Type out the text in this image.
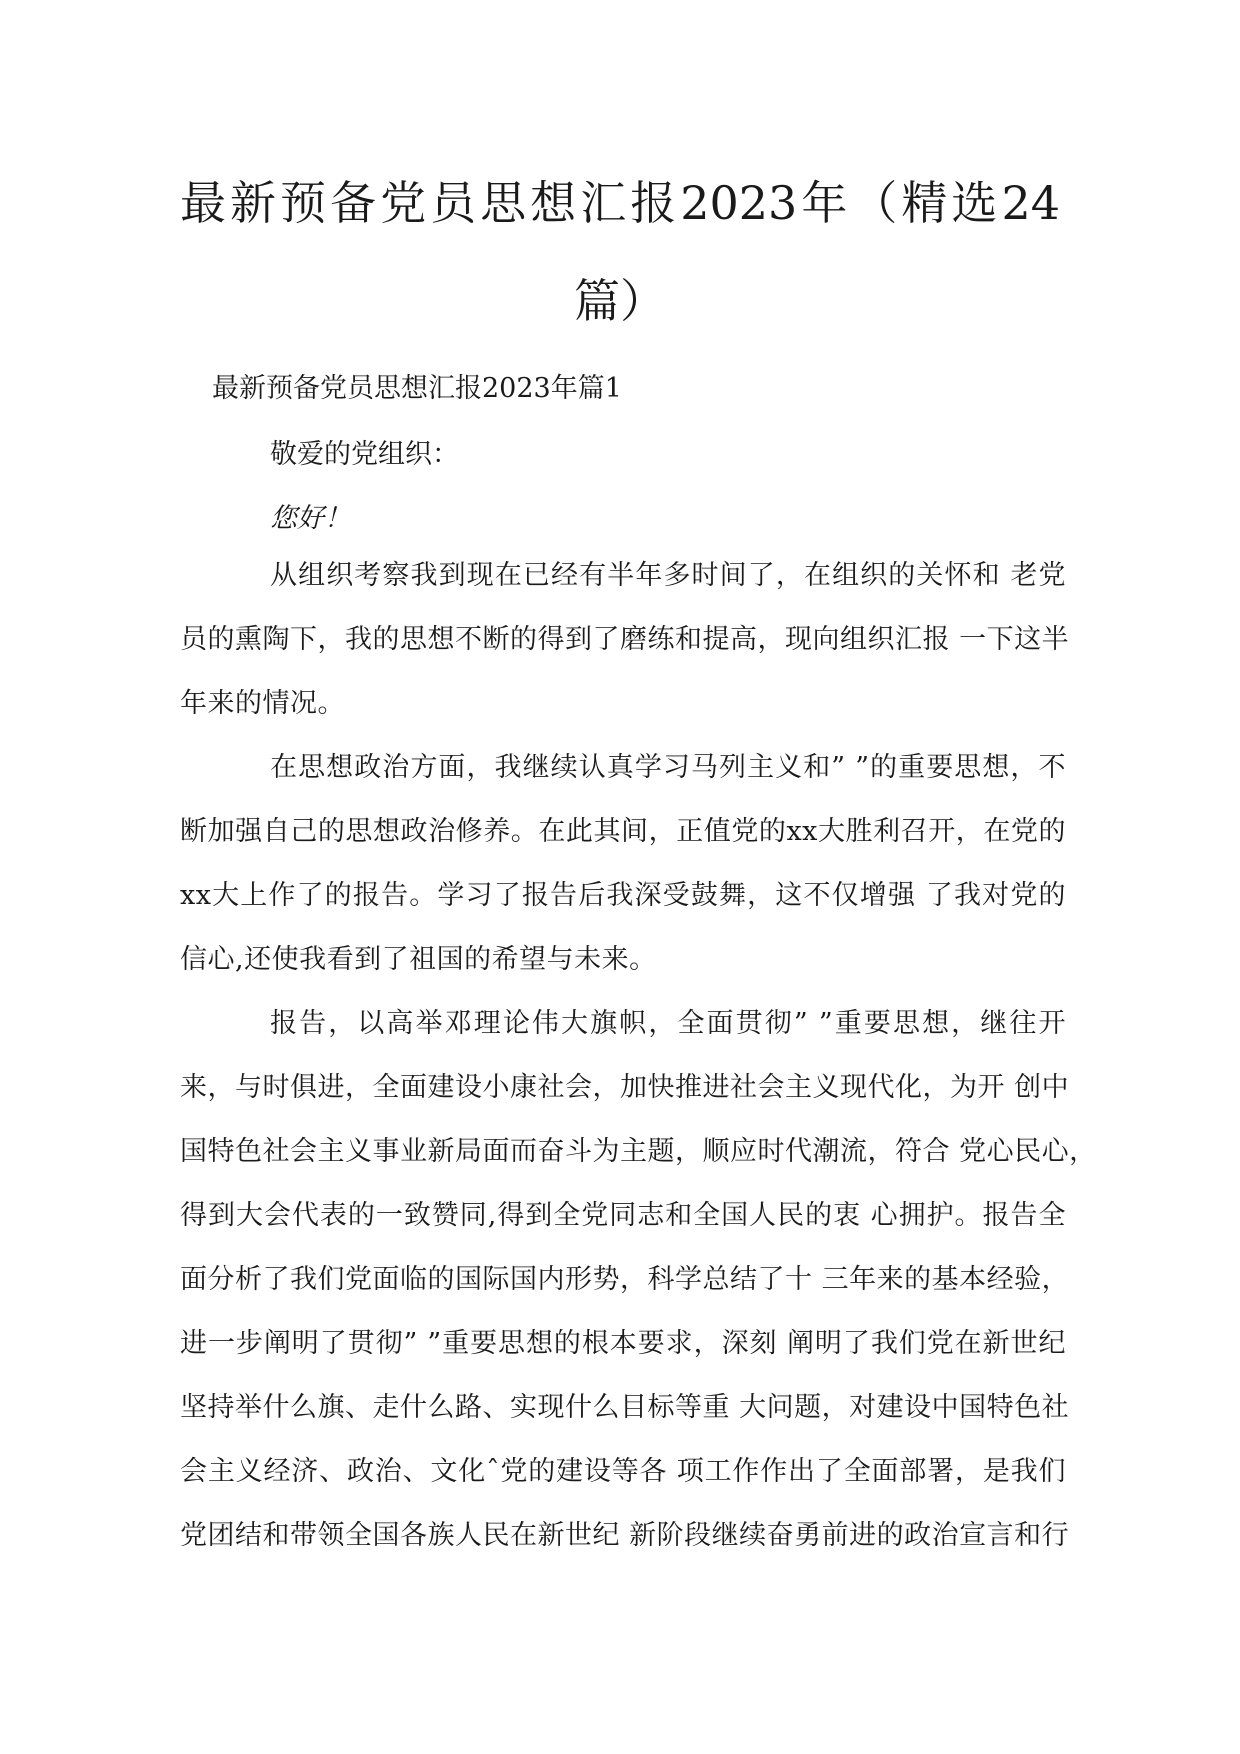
最新预备党员思想汇报2023年（精选24
篇）
最新预备党员思想汇报2023年篇1

敬爱的党组织：

您好！

从组织考察我到现在已经有半年多时间了，在组织的关怀和 老党

员的熏陶下，我的思想不断的得到了磨练和提高，现向组织汇报 一下这半

年来的情况。

在思想政治方面，我继续认真学习马列主义和” ”的重要思想，不

断加强自己的思想政治修养。在此其间，正值党的xx大胜利召开，在党的

xx大上作了的报告。学习了报告后我深受鼓舞，这不仅增强 了我对党的

信心,还使我看到了祖国的希望与未来。

报告，以高举邓理论伟大旗帜，全面贯彻” ”重要思想，继往开

来，与时俱进，全面建设小康社会，加快推进社会主义现代化，为开 创中

国特色社会主义事业新局面而奋斗为主题，顺应时代潮流，符合 党心民心，

得到大会代表的一致赞同,得到全党同志和全国人民的衷 心拥护。报告全

面分析了我们党面临的国际国内形势，科学总结了十 三年来的基本经验，

进一步阐明了贯彻” ”重要思想的根本要求，深刻 阐明了我们党在新世纪

坚持举什么旗、走什么路、实现什么目标等重 大问题，对建设中国特色社

会主义经济、政治、文化ˆ党的建设等各 项工作作出了全面部署，是我们

党团结和带领全国各族人民在新世纪 新阶段继续奋勇前进的政治宣言和行
